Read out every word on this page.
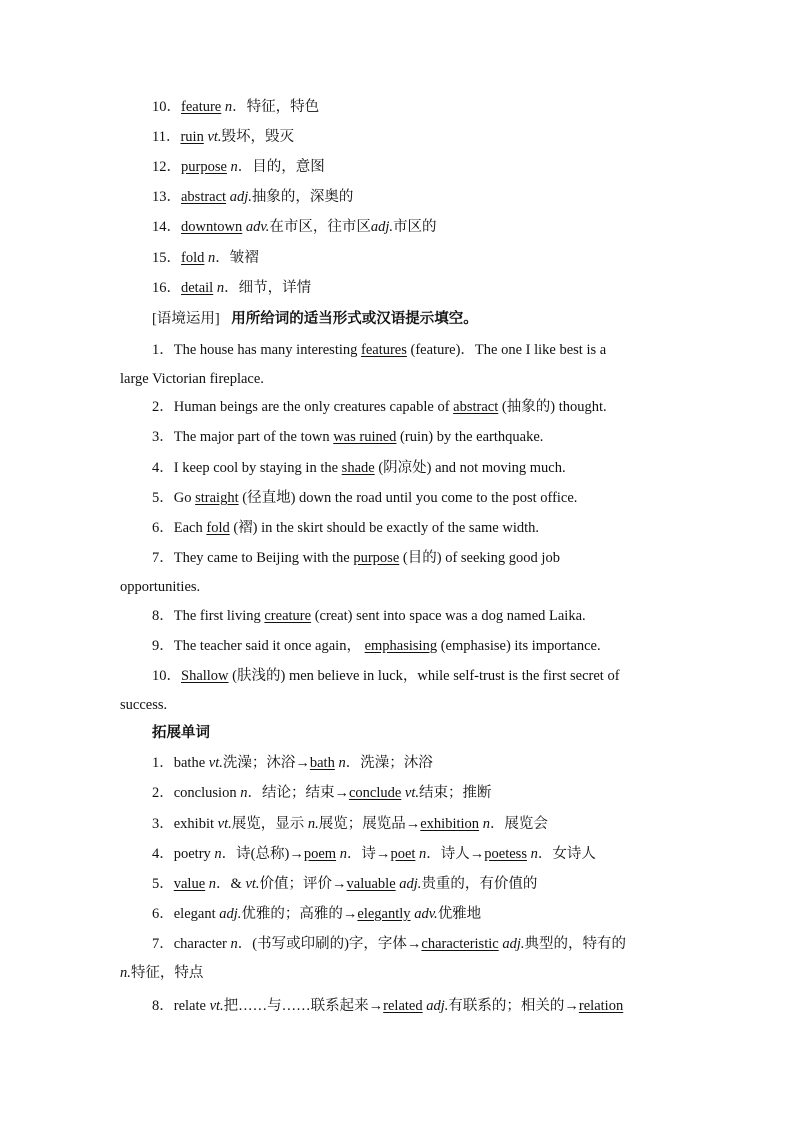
10．feature n．特征，特色
11．ruin vt.毁坏，毁灭
12．purpose n．目的，意图
13．abstract adj.抽象的，深奥的
14．downtown adv.在市区，往市区adj.市区的
15．fold n．皱褶
16．detail n．细节，详情
[语境运用] 用所给词的适当形式或汉语提示填空。
1．The house has many interesting features (feature)．The one I like best is a
large Victorian fireplace.
2．Human beings are the only creatures capable of abstract (抽象的) thought.
3．The major part of the town was ruined (ruin) by the earthquake.
4．I keep cool by staying in the shade (阴凉处) and not moving much.
5．Go straight (径直地) down the road until you come to the post office.
6．Each fold (褶) in the skirt should be exactly of the same width.
7．They came to Beijing with the purpose (目的) of seeking good job
opportunities.
8．The first living creature (creat) sent into space was a dog named Laika.
9．The teacher said it once again， emphasising (emphasise) its importance.
10．Shallow (肤浅的) men believe in luck，while self-trust is the first secret of
success.
拓展单词
1．bathe vt.洗澡；沐浴→bath n．洗澡；沐浴
2．conclusion n．结论；结束→conclude vt.结束；推断
3．exhibit vt.展览，显示 n.展览；展览品→exhibition n．展览会
4．poetry n．诗(总称)→poem n．诗→poet n．诗人→poetess n．女诗人
5．value n．& vt.价值；评价→valuable adj.贵重的，有价值的
6．elegant adj.优雅的；高雅的→elegantly adv.优雅地
7．character n．(书写或印刷的)字，字体→characteristic adj.典型的，特有的
n.特征，特点
8．relate vt.把……与……联系起来→related adj.有联系的；相关的→relation
